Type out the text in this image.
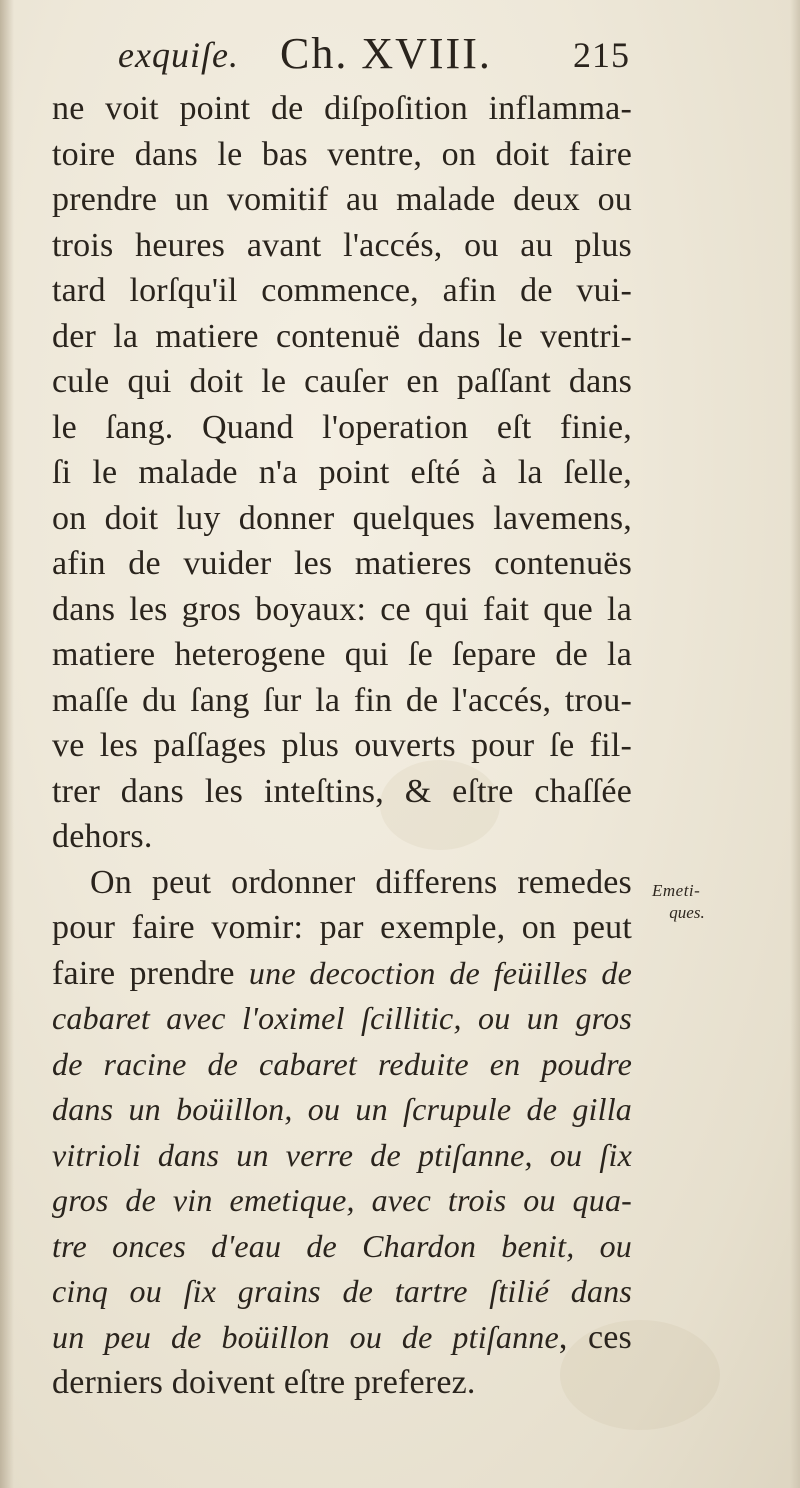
exquiſe. Ch. XVIII. 215
ne voit point de diſpoſition inflamma-
toire dans le bas ventre, on doit faire
prendre un vomitif au malade deux ou
trois heures avant l'accés, ou au plus
tard lorſqu'il commence, afin de vui-
der la matiere contenuë dans le ventri-
cule qui doit le cauſer en paſſant dans
le ſang. Quand l'operation eſt finie,
ſi le malade n'a point eſté à la ſelle,
on doit luy donner quelques lavemens,
afin de vuider les matieres contenuës
dans les gros boyaux: ce qui fait que la
matiere heterogene qui ſe ſepare de la
maſſe du ſang ſur la fin de l'accés, trou-
ve les paſſages plus ouverts pour ſe fil-
trer dans les inteſtins, & eſtre chaſſée
dehors.
On peut ordonner differens remedes
pour faire vomir: par exemple, on peut
faire prendre une decoction de feüilles de
cabaret avec l'oximel ſcillitic, ou un gros
de racine de cabaret reduite en poudre
dans un boüillon, ou un ſcrupule de gilla
vitrioli dans un verre de ptiſanne, ou ſix
gros de vin emetique, avec trois ou qua-
tre onces d'eau de Chardon benit, ou
cinq ou ſix grains de tartre ſtilié dans
un peu de boüillon ou de ptiſanne, ces
derniers doivent eſtre preferez.
Emeti-
ques.
